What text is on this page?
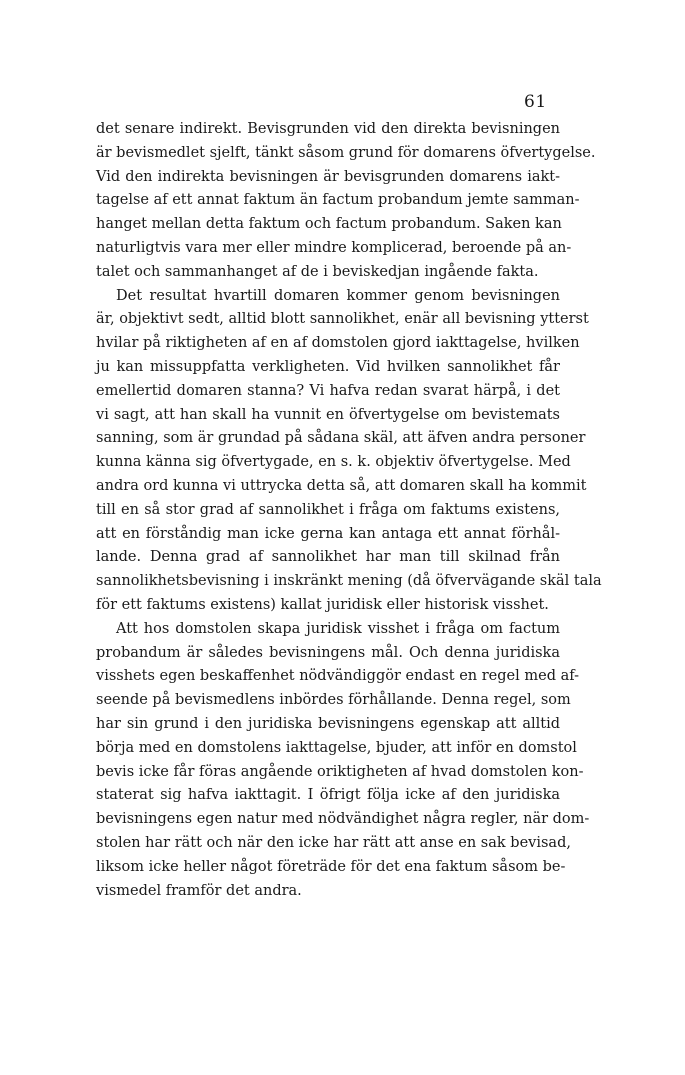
61
det senare indirekt. Bevisgrunden vid den direkta bevisningen
är bevismedlet sjelft, tänkt såsom grund för domarens öfvertygelse.
Vid den indirekta bevisningen är bevisgrunden domarens iakt-
tagelse af ett annat faktum än factum probandum jemte samman-
hanget mellan detta faktum och factum probandum. Saken kan
naturligtvis vara mer eller mindre komplicerad, beroende på an-
talet och sammanhanget af de i beviskedjan ingående fakta.
Det resultat hvartill domaren kommer genom bevisningen
är, objektivt sedt, alltid blott sannolikhet, enär all bevisning ytterst
hvilar på riktigheten af en af domstolen gjord iakttagelse, hvilken
ju kan missuppfatta verkligheten. Vid hvilken sannolikhet får
emellertid domaren stanna? Vi hafva redan svarat härpå, i det
vi sagt, att han skall ha vunnit en öfvertygelse om bevistemats
sanning, som är grundad på sådana skäl, att äfven andra personer
kunna känna sig öfvertygade, en s. k. objektiv öfvertygelse. Med
andra ord kunna vi uttrycka detta så, att domaren skall ha kommit
till en så stor grad af sannolikhet i fråga om faktums existens,
att en förståndig man icke gerna kan antaga ett annat förhål-
lande. Denna grad af sannolikhet har man till skilnad från
sannolikhetsbevisning i inskränkt mening (då öfvervägande skäl tala
för ett faktums existens) kallat juridisk eller historisk visshet.
Att hos domstolen skapa juridisk visshet i fråga om factum
probandum är således bevisningens mål. Och denna juridiska
visshets egen beskaffenhet nödvändiggör endast en regel med af-
seende på bevismedlens inbördes förhållande. Denna regel, som
har sin grund i den juridiska bevisningens egenskap att alltid
börja med en domstolens iakttagelse, bjuder, att inför en domstol
bevis icke får föras angående oriktigheten af hvad domstolen kon-
staterat sig hafva iakttagit. I öfrigt följa icke af den juridiska
bevisningens egen natur med nödvändighet några regler, när dom-
stolen har rätt och när den icke har rätt att anse en sak bevisad,
liksom icke heller något företräde för det ena faktum såsom be-
vismedel framför det andra.
